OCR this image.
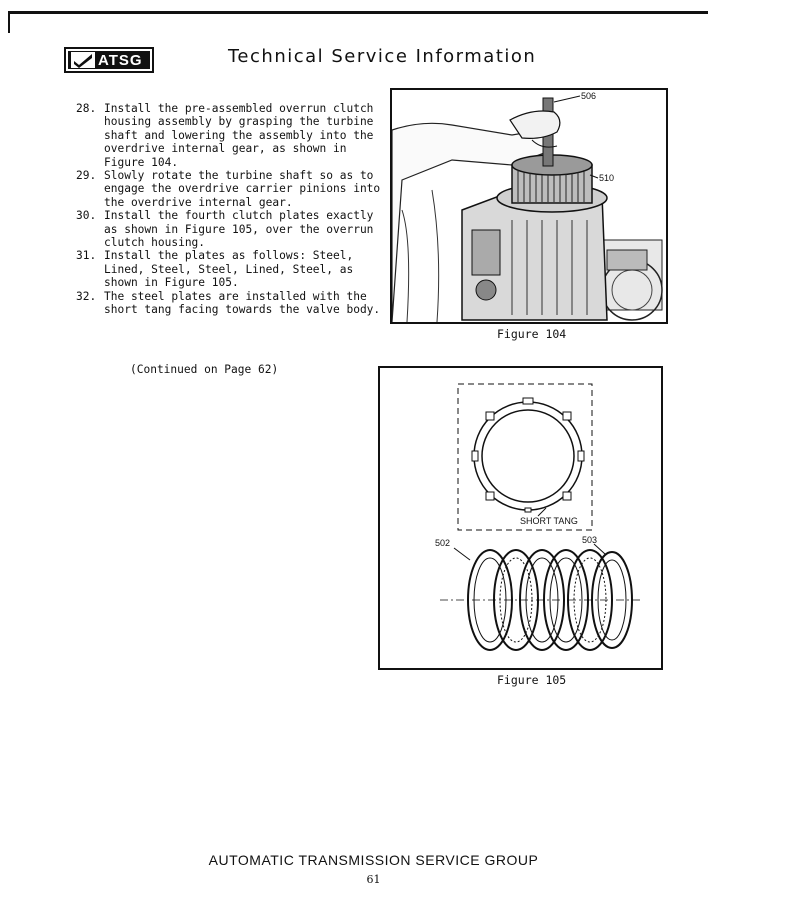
ATSG	Technical Service Information
28. Install the pre-assembled overrun clutch housing assembly by grasping the turbine shaft and lowering the assembly into the overdrive internal gear, as shown in Figure 104.
29. Slowly rotate the turbine shaft so as to engage the overdrive carrier pinions into the overdrive internal gear.
30. Install the fourth clutch plates exactly as shown in Figure 105, over the overrun clutch housing.
31. Install the plates as follows: Steel, Lined, Steel, Steel, Lined, Steel, as shown in Figure 105.
32. The steel plates are installed with the short tang facing towards the valve body.
(Continued on Page 62)
506
510
Figure 104
SHORT TANG
502	503
Figure 105
AUTOMATIC TRANSMISSION SERVICE GROUP
61
